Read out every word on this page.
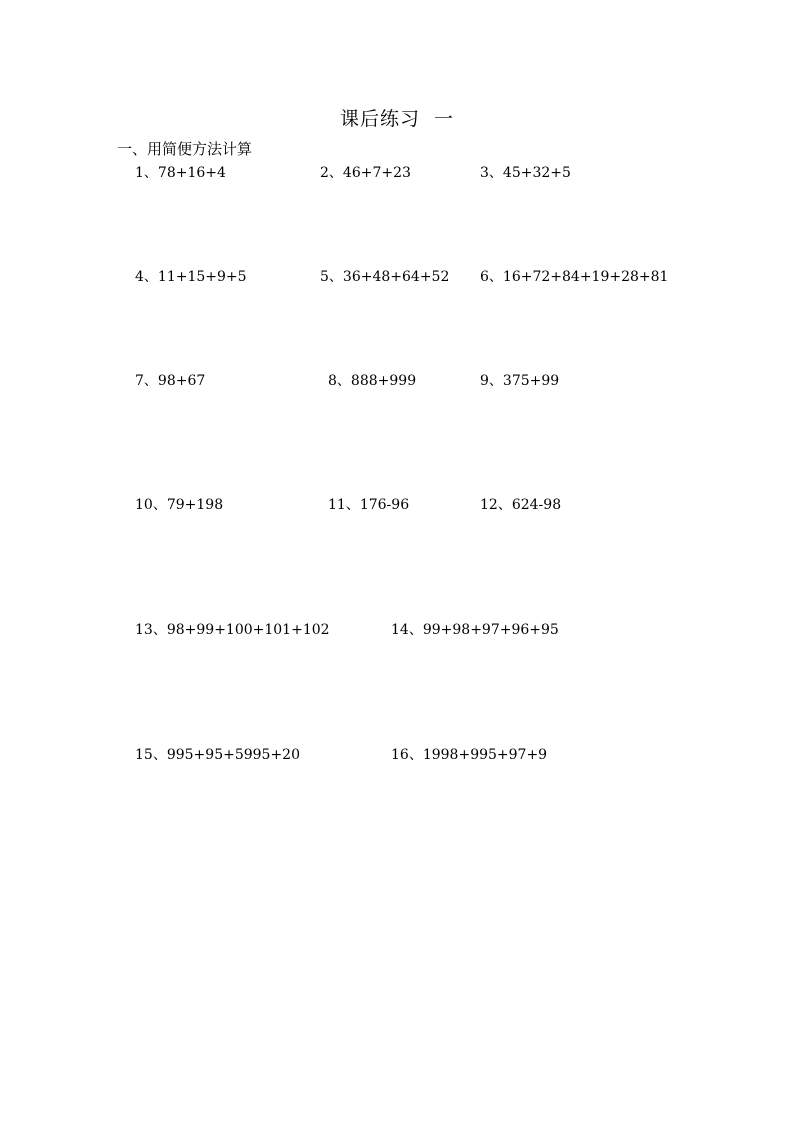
课后练习  一
一、用简便方法计算
1、78+16+4	2、46+7+23	3、45+32+5
4、11+15+9+5	5、36+48+64+52 6、16+72+84+19+28+81
7、98+67	8、888+999	9、375+99
10、79+198	11、176-96	12、624-98
13、98+99+100+101+102	14、99+98+97+96+95
15、995+95+5995+20	16、1998+995+97+9
